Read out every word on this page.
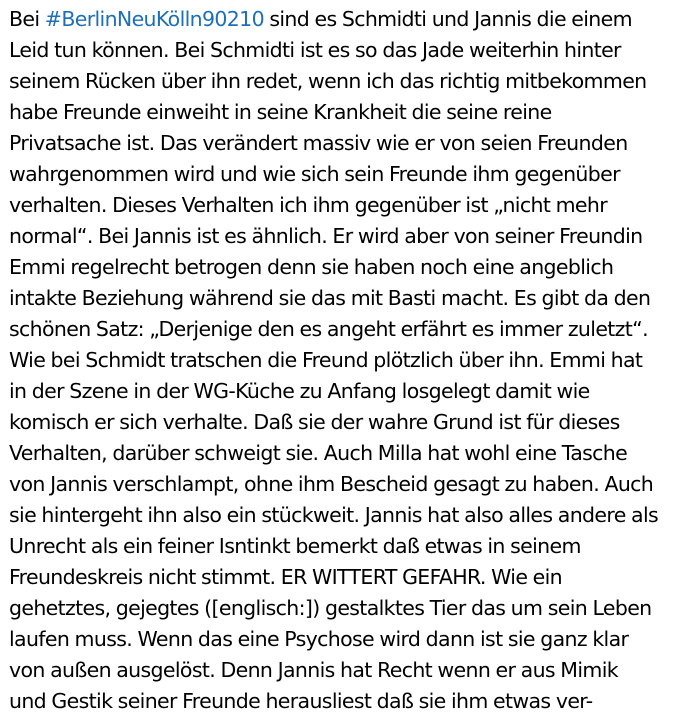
Bei #BerlinNeuKölln90210 sind es Schmidti und Jannis die einem
Leid tun können. Bei Schmidti ist es so das Jade weiterhin hinter
seinem Rücken über ihn redet, wenn ich das richtig mitbekommen
habe Freunde einweiht in seine Krankheit die seine reine
Privatsache ist. Das verändert massiv wie er von seien Freunden
wahrgenommen wird und wie sich sein Freunde ihm gegenüber
verhalten. Dieses Verhalten ich ihm gegenüber ist „nicht mehr
normal“. Bei Jannis ist es ähnlich. Er wird aber von seiner Freundin
Emmi regelrecht betrogen denn sie haben noch eine angeblich
intakte Beziehung während sie das mit Basti macht. Es gibt da den
schönen Satz: „Derjenige den es angeht erfährt es immer zuletzt“.
Wie bei Schmidt tratschen die Freund plötzlich über ihn. Emmi hat
in der Szene in der WG-Küche zu Anfang losgelegt damit wie
komisch er sich verhalte. Daß sie der wahre Grund ist für dieses
Verhalten, darüber schweigt sie. Auch Milla hat wohl eine Tasche
von Jannis verschlampt, ohne ihm Bescheid gesagt zu haben. Auch
sie hintergeht ihn also ein stückweit. Jannis hat also alles andere als
Unrecht als ein feiner Isntinkt bemerkt daß etwas in seinem
Freundeskreis nicht stimmt. ER WITTERT GEFAHR. Wie ein
gehetztes, gejegtes ([englisch:]) gestalktes Tier das um sein Leben
laufen muss. Wenn das eine Psychose wird dann ist sie ganz klar
von außen ausgelöst. Denn Jannis hat Recht wenn er aus Mimik
und Gestik seiner Freunde herausliest daß sie ihm etwas ver-
